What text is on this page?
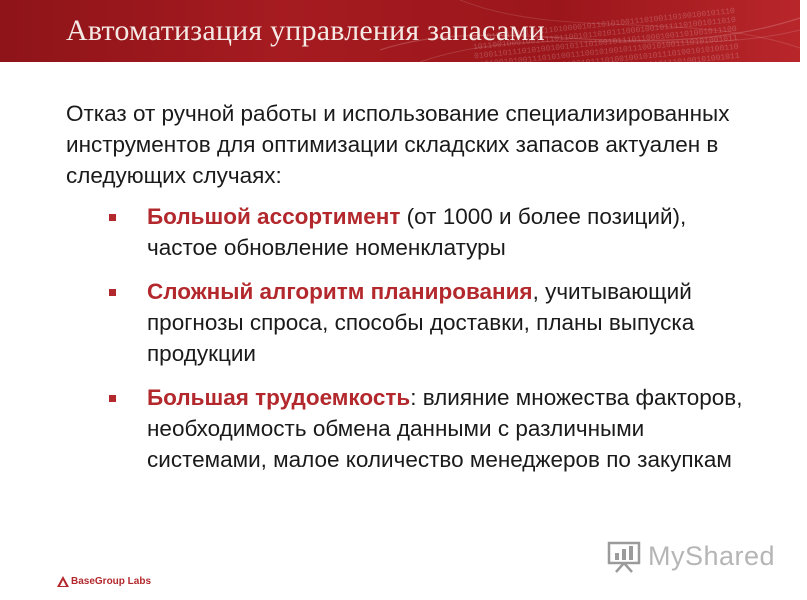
0110100100010111101000010110101001110100110100100101110
1011001000100111101100101101011100010010111101001011010
0100110111010100100101110100101110110001001101001011100
1101001010011101010011100101001011100101001110101001011
0010111001010011010100101110100100101011101001010100110
1110010100101101001110101001011010010101110100101001011
0101001011101001010100101110100101110100101011101001011
Автоматизация управления запасами
Отказ от ручной работы и использование специализированных инструментов для оптимизации складских запасов актуален в следующих случаях:
Большой ассортимент (от 1000 и более позиций), частое обновление номенклатуры
Сложный алгоритм планирования, учитывающий прогнозы спроса, способы доставки, планы выпуска продукции
Большая трудоемкость: влияние множества факторов, необходимость обмена данными с различными системами, малое количество менеджеров по закупкам
MyShared
BaseGroup Labs
